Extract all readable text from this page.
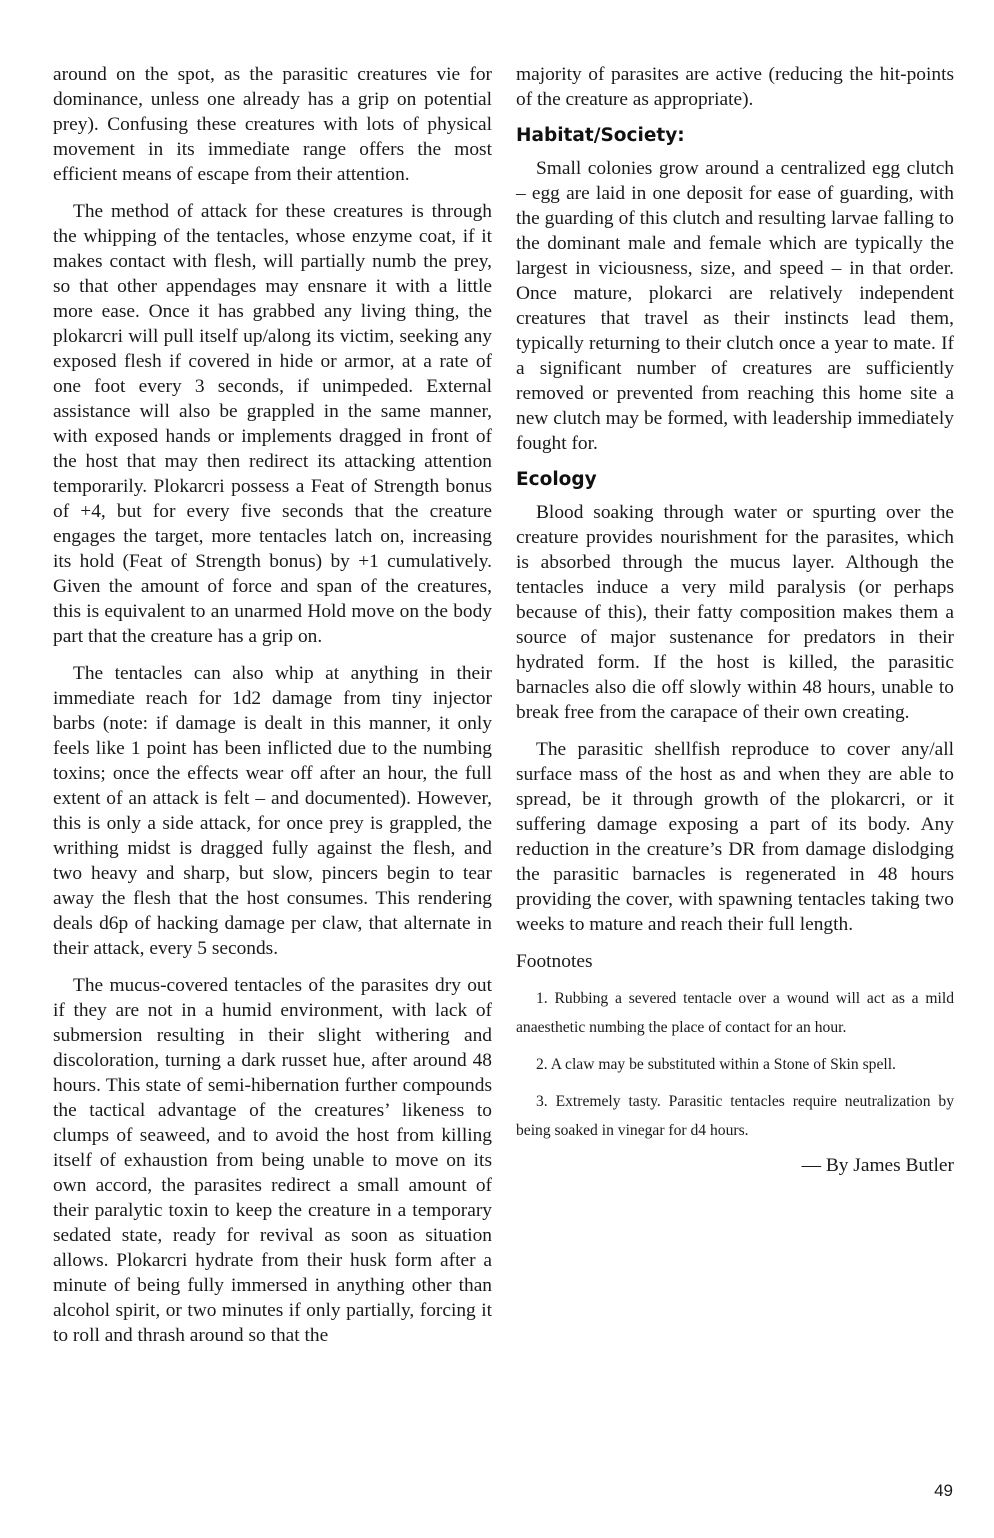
around on the spot, as the parasitic creatures vie for dominance, unless one already has a grip on potential prey). Confusing these creatures with lots of physical movement in its immediate range offers the most efficient means of escape from their attention.

The method of attack for these creatures is through the whipping of the tentacles, whose enzyme coat, if it makes contact with flesh, will partially numb the prey, so that other appendages may ensnare it with a little more ease. Once it has grabbed any living thing, the plokarcri will pull itself up/along its victim, seeking any exposed flesh if covered in hide or armor, at a rate of one foot every 3 seconds, if unimpeded. External assistance will also be grappled in the same manner, with exposed hands or implements dragged in front of the host that may then redirect its attacking attention temporarily. Plokarcri possess a Feat of Strength bonus of +4, but for every five seconds that the creature engages the target, more tentacles latch on, increasing its hold (Feat of Strength bonus) by +1 cumulatively. Given the amount of force and span of the creatures, this is equivalent to an unarmed Hold move on the body part that the creature has a grip on.

The tentacles can also whip at anything in their immediate reach for 1d2 damage from tiny injector barbs (note: if damage is dealt in this manner, it only feels like 1 point has been inflicted due to the numbing toxins; once the effects wear off after an hour, the full extent of an attack is felt – and documented). However, this is only a side attack, for once prey is grappled, the writhing midst is dragged fully against the flesh, and two heavy and sharp, but slow, pincers begin to tear away the flesh that the host consumes. This rendering deals d6p of hacking damage per claw, that alternate in their attack, every 5 seconds.

The mucus-covered tentacles of the parasites dry out if they are not in a humid environment, with lack of submersion resulting in their slight withering and discoloration, turning a dark russet hue, after around 48 hours. This state of semi-hibernation further compounds the tactical advantage of the creatures’ likeness to clumps of seaweed, and to avoid the host from killing itself of exhaustion from being unable to move on its own accord, the parasites redirect a small amount of their paralytic toxin to keep the creature in a temporary sedated state, ready for revival as soon as situation allows. Plokarcri hydrate from their husk form after a minute of being fully immersed in anything other than alcohol spirit, or two minutes if only partially, forcing it to roll and thrash around so that the

majority of parasites are active (reducing the hit-points of the creature as appropriate).

Habitat/Society:

Small colonies grow around a centralized egg clutch – egg are laid in one deposit for ease of guarding, with the guarding of this clutch and resulting larvae falling to the dominant male and female which are typically the largest in viciousness, size, and speed – in that order. Once mature, plokarci are relatively independent creatures that travel as their instincts lead them, typically returning to their clutch once a year to mate. If a significant number of creatures are sufficiently removed or prevented from reaching this home site a new clutch may be formed, with leadership immediately fought for.

Ecology

Blood soaking through water or spurting over the creature provides nourishment for the parasites, which is absorbed through the mucus layer. Although the tentacles induce a very mild paralysis (or perhaps because of this), their fatty composition makes them a source of major sustenance for predators in their hydrated form. If the host is killed, the parasitic barnacles also die off slowly within 48 hours, unable to break free from the carapace of their own creating.

The parasitic shellfish reproduce to cover any/all surface mass of the host as and when they are able to spread, be it through growth of the plokarcri, or it suffering damage exposing a part of its body. Any reduction in the creature’s DR from damage dislodging the parasitic barnacles is regenerated in 48 hours providing the cover, with spawning tentacles taking two weeks to mature and reach their full length.

Footnotes

1. Rubbing a severed tentacle over a wound will act as a mild anaesthetic numbing the place of contact for an hour.

2. A claw may be substituted within a Stone of Skin spell.

3. Extremely tasty. Parasitic tentacles require neutralization by being soaked in vinegar for d4 hours.

— By James Butler
49
